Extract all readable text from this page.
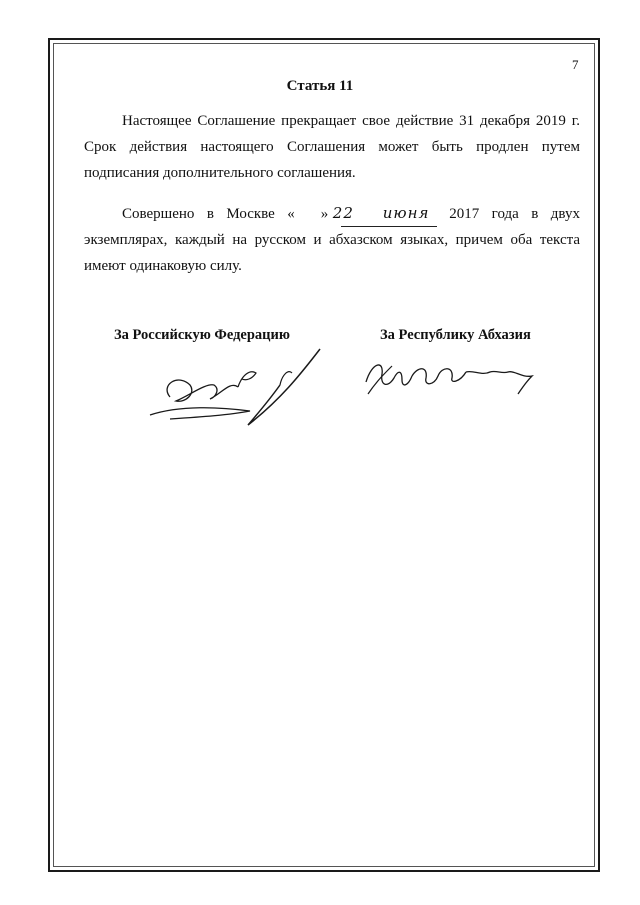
7
Статья 11
Настоящее Соглашение прекращает свое действие 31 декабря 2019 г.
Срок действия настоящего Соглашения может быть продлен путем
подписания дополнительного соглашения.
Совершено в Москве «	22»	июня 2017 года в двух
экземплярах, каждый на русском и абхазском языках, причем оба текста
имеют одинаковую силу.
За Российскую Федерацию	За Республику Абхазия
